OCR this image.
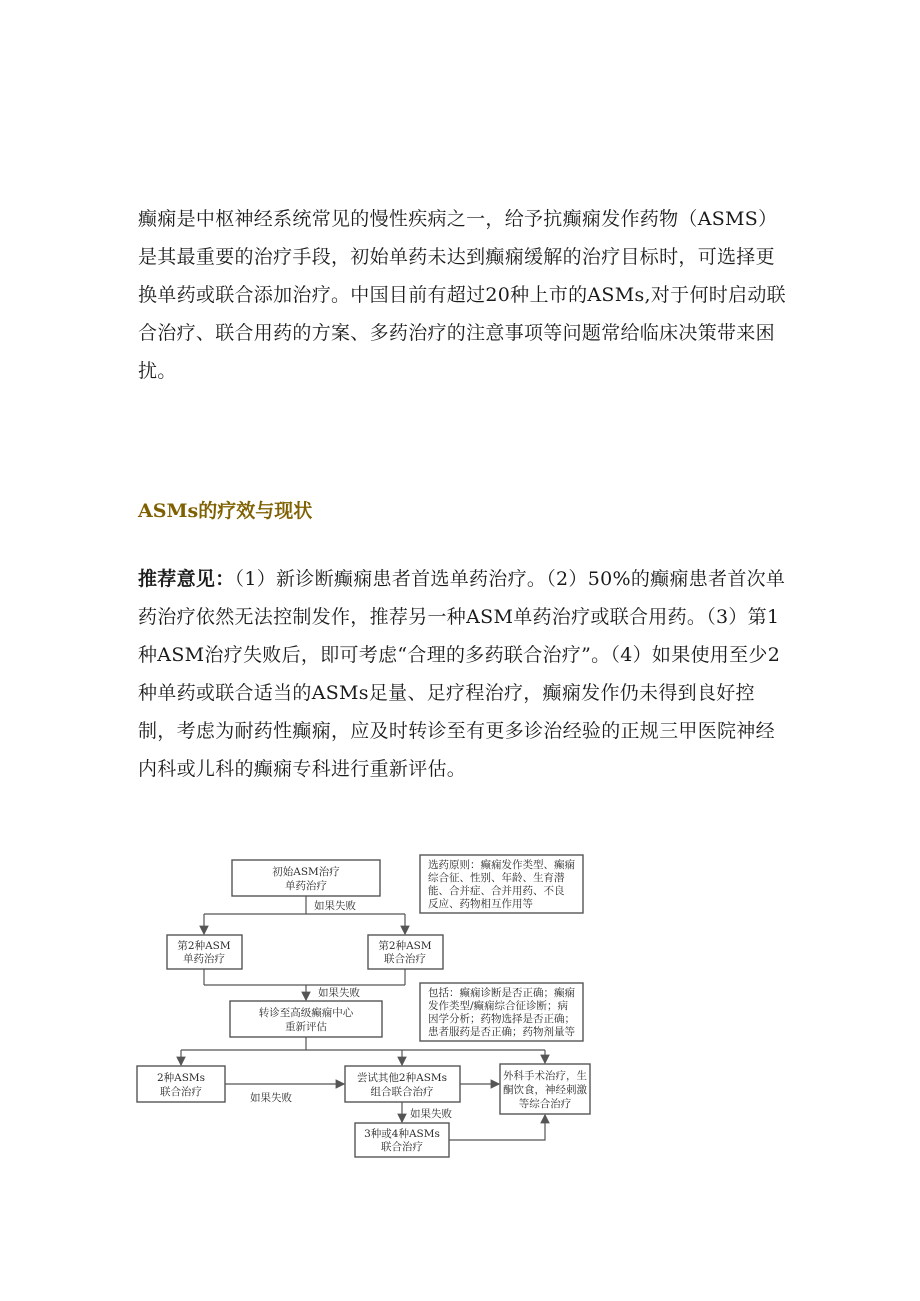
癫痫是中枢神经系统常见的慢性疾病之一，给予抗癫痫发作药物（ASMS）是其最重要的治疗手段，初始单药未达到癫痫缓解的治疗目标时，可选择更换单药或联合添加治疗。中国目前有超过20种上市的ASMs,对于何时启动联合治疗、联合用药的方案、多药治疗的注意事项等问题常给临床决策带来困扰。

ASMs的疗效与现状

推荐意见：（1）新诊断癫痫患者首选单药治疗。（2）50%的癫痫患者首次单药治疗依然无法控制发作，推荐另一种ASM单药治疗或联合用药。（3）第1种ASM治疗失败后，即可考虑“合理的多药联合治疗”。（4）如果使用至少2种单药或联合适当的ASMs足量、足疗程治疗，癫痫发作仍未得到良好控制，考虑为耐药性癫痫，应及时转诊至有更多诊治经验的正规三甲医院神经内科或儿科的癫痫专科进行重新评估。

初始ASM治疗
单药治疗
选药原则：癫痫发作类型、癫痫
综合征、性别、年龄、生育潜
能、合并症、合并用药、不良
反应、药物相互作用等
如果失败
第2种ASM
单药治疗
第2种ASM
联合治疗
如果失败
转诊至高级癫痫中心
重新评估
包括：癫痫诊断是否正确；癫痫
发作类型/癫痫综合征诊断；病
因学分析；药物选择是否正确；
患者服药是否正确；药物剂量等
2种ASMs
联合治疗
尝试其他2种ASMs
组合联合治疗
外科手术治疗，生
酮饮食，神经刺激
等综合治疗
如果失败
如果失败
3种或4种ASMs
联合治疗
